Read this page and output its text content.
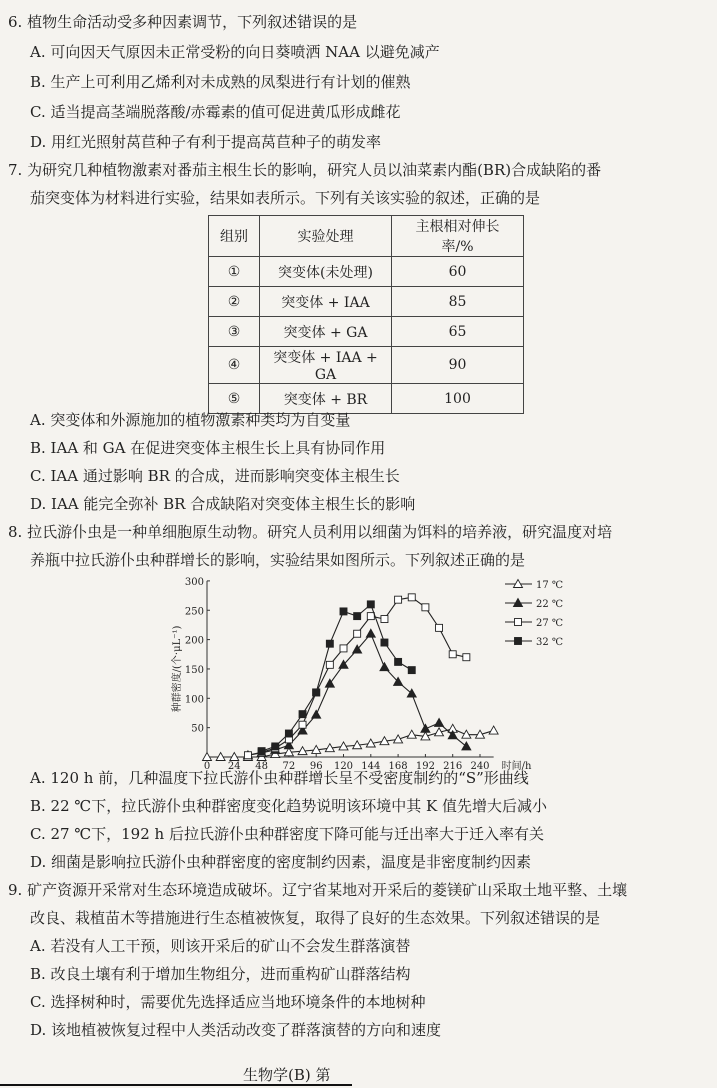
6. 植物生命活动受多种因素调节，下列叙述错误的是
A. 可向因天气原因未正常受粉的向日葵喷洒 NAA 以避免减产
B. 生产上可利用乙烯利对未成熟的凤梨进行有计划的催熟
C. 适当提高茎端脱落酸/赤霉素的值可促进黄瓜形成雌花
D. 用红光照射莴苣种子有利于提高莴苣种子的萌发率
7. 为研究几种植物激素对番茄主根生长的影响，研究人员以油菜素内酯(BR)合成缺陷的番
茄突变体为材料进行实验，结果如表所示。下列有关该实验的叙述，正确的是
组别	实验处理	主根相对伸长率/%
①	突变体(未处理)	60
②	突变体 + IAA	85
③	突变体 + GA	65
④	突变体 + IAA + GA	90
⑤	突变体 + BR	100
A. 突变体和外源施加的植物激素种类均为自变量
B. IAA 和 GA 在促进突变体主根生长上具有协同作用
C. IAA 通过影响 BR 的合成，进而影响突变体主根生长
D. IAA 能完全弥补 BR 合成缺陷对突变体主根生长的影响
8. 拉氏游仆虫是一种单细胞原生动物。研究人员利用以细菌为饵料的培养液，研究温度对培
养瓶中拉氏游仆虫种群增长的影响，实验结果如图所示。下列叙述正确的是
0 24 48 72 96 120 144 168 192 216 240
50
100
150
200
250
300
时间/h
种群密度/(个·μL⁻¹)
17 ℃
22 ℃
27 ℃
32 ℃
A. 120 h 前，几种温度下拉氏游仆虫种群增长呈不受密度制约的“S”形曲线
B. 22 ℃下，拉氏游仆虫种群密度变化趋势说明该环境中其 K 值先增大后减小
C. 27 ℃下，192 h 后拉氏游仆虫种群密度下降可能与迁出率大于迁入率有关
D. 细菌是影响拉氏游仆虫种群密度的密度制约因素，温度是非密度制约因素
9. 矿产资源开采常对生态环境造成破坏。辽宁省某地对开采后的菱镁矿山采取土地平整、土壤
改良、栽植苗木等措施进行生态植被恢复，取得了良好的生态效果。下列叙述错误的是
A. 若没有人工干预，则该开采后的矿山不会发生群落演替
B. 改良土壤有利于增加生物组分，进而重构矿山群落结构
C. 选择树种时，需要优先选择适应当地环境条件的本地树种
D. 该地植被恢复过程中人类活动改变了群落演替的方向和速度
生物学(B) 第
